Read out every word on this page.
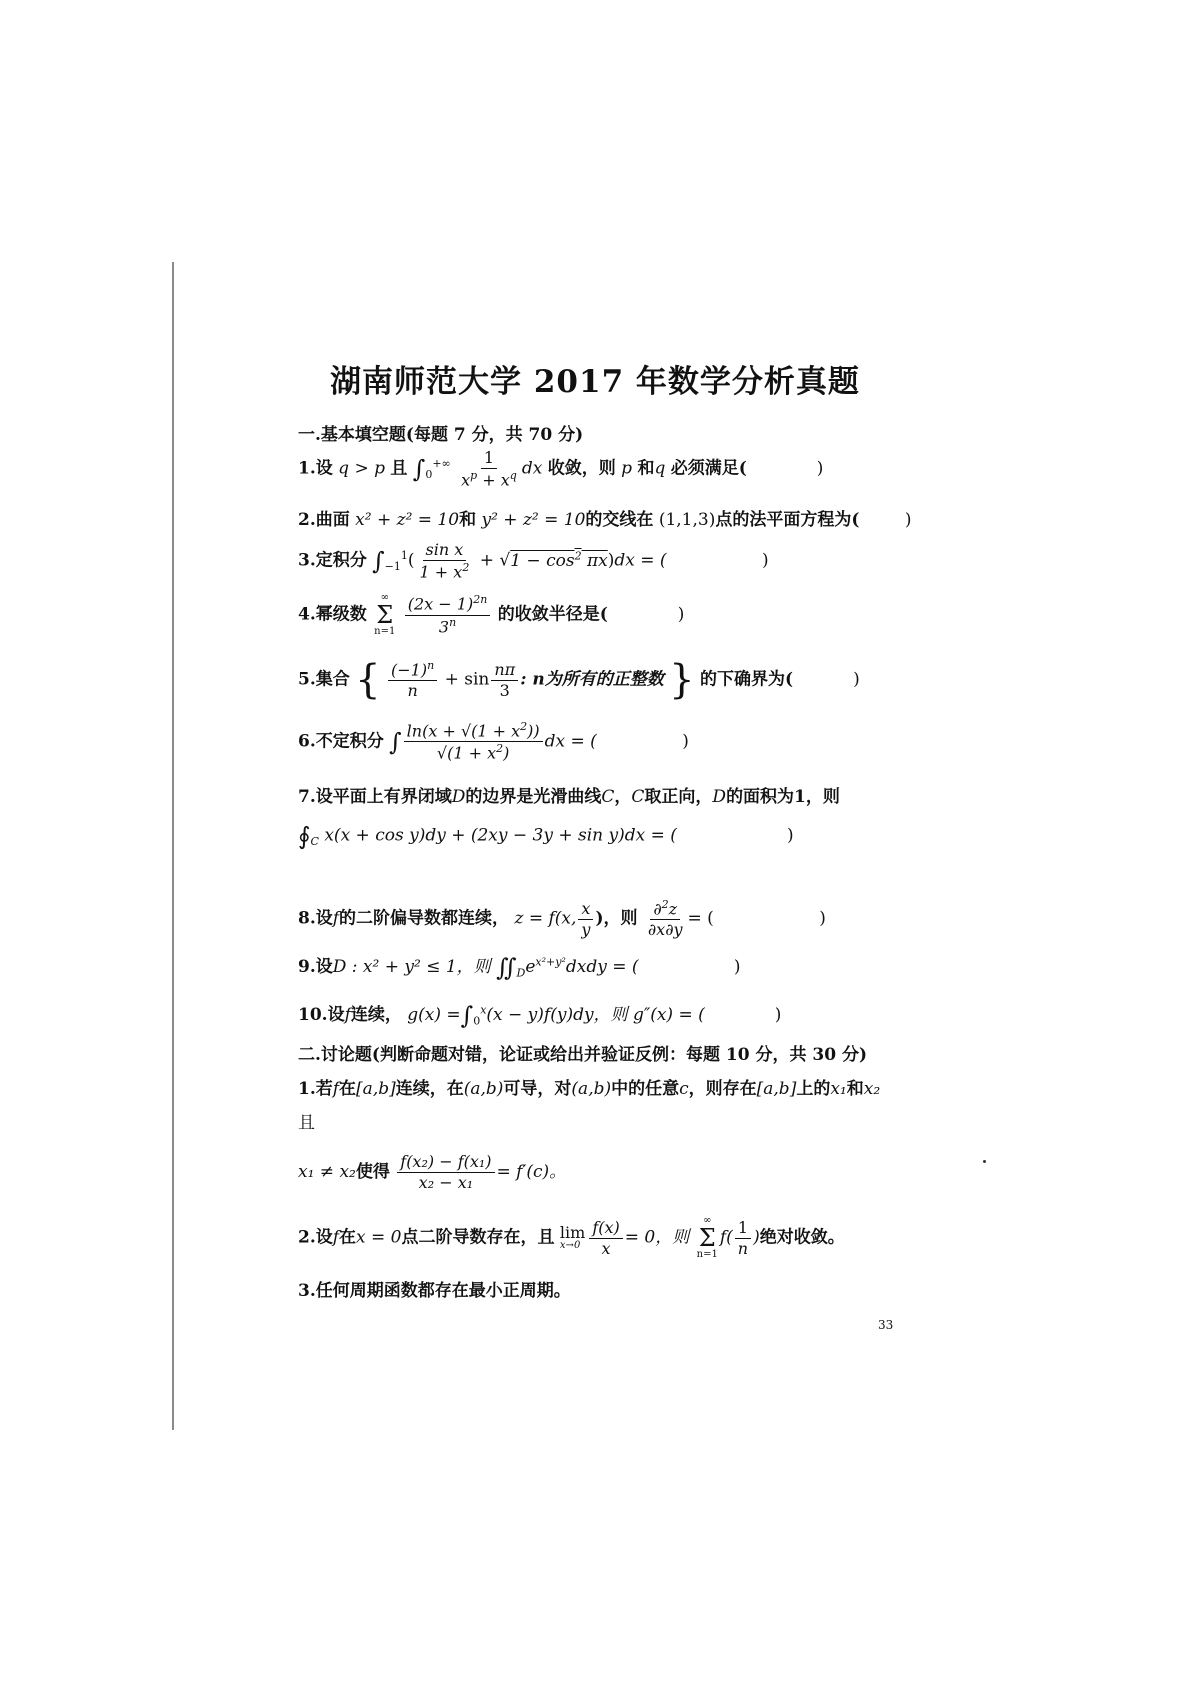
湖南师范大学 2017 年数学分析真题
一.基本填空题(每题 7 分，共 70 分)
1.设 q > p 且 $\int_0^{+\infty} \frac{1}{x^p + x^q}$ dx 收敛，则 p 和q 必须满足(	)
2.曲面 x² + z² = 10和 y² + z² = 10的交线在 (1,1,3)点的法平面方程为(	)
3.定积分 $\int_{-1}^1( \frac{\text{sin x}}{1 + x^2} + √1 - \cos^2 \pi x)dx$ = (	)
4.幂级数
∞
Σ
n=1
$\frac{(2x - 1)^{2n}}{3^n}$ 的收敛半径是(	)
5.集合 { $\frac{(-1)^n}{n} + \sin \frac{n\pi}{3}$ : n为所有的正整数 } 的下确界为(	)
6.不定积分 ∫ $\frac{\ln(x + √(1 + x^2))}{√(1 + x^2)}$ dx = (	)
7.设平面上有界闭域D的边界是光滑曲线C，C取正向，D的面积为1，则
$∮_C$ x(x + cos y)dy + (2xy − 3y + sin y)dx = (	)
8.设f的二阶偏导数都连续， z = f(x, $\frac{x}{y}$ )，则 $\frac{\partial^2z}{\partial x\partial y}$ = (	)
9.设D : x² + y² ≤ 1，则 $∬_De^{x^2+y^2}dxdy$ = (	)
10.设f连续， $g(x) =\int_0^x(x - y)f(y)dy$，则 g″(x) = (	)
二.讨论题(判断命题对错，论证或给出并验证反例：每题 10 分，共 30 分)
1.若f在[a,b]连续，在(a,b)可导，对(a,b)中的任意c，则存在[a,b]上的x₁和x₂
且
x₁ ≠ x₂使得 $\frac{\text{f(x₂) − f(x₁)}}{\text{x₂ − x₁}} = f'(c)$。
2.设f在x = 0点二阶导数存在，且 lim
$x\to 0 \frac{f(x)}{x} = 0$，则
∞
Σ
n=1
$f( \frac{1}{n}$ )绝对收敛。
3.任何周期函数都存在最小正周期。
33
